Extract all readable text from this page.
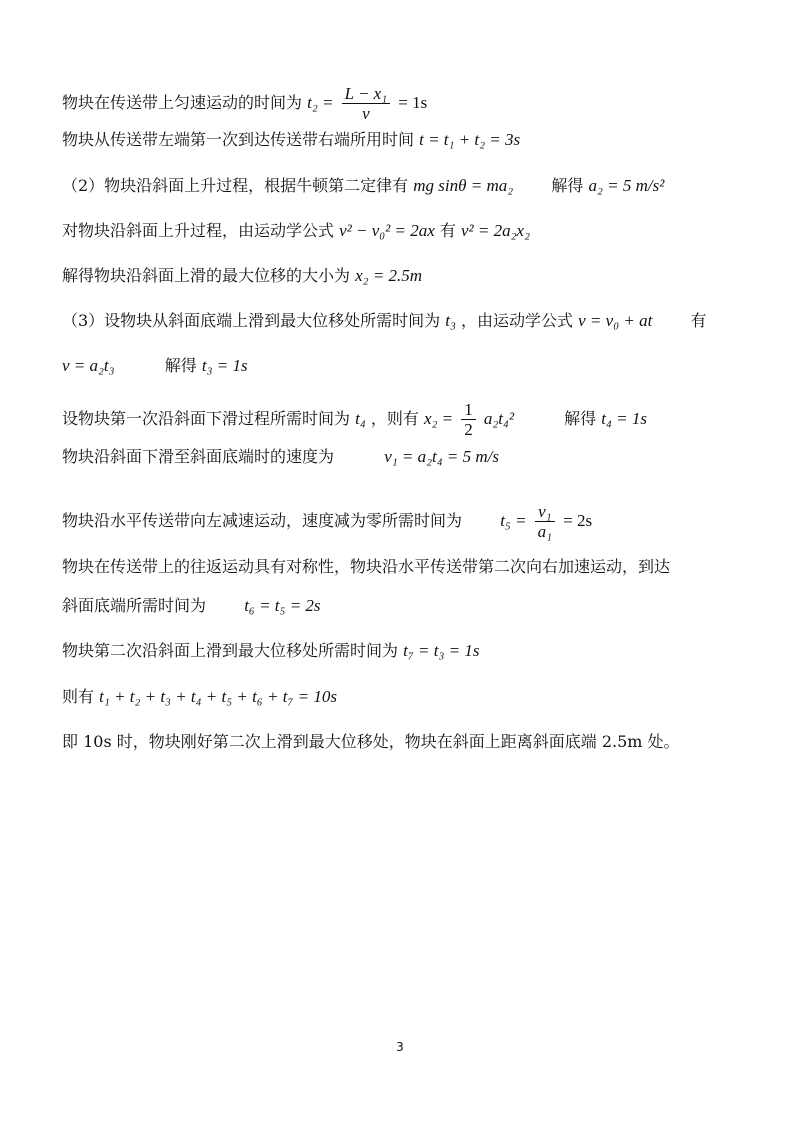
物块在传送带上匀速运动的时间为 $t_2 = \frac{\text{L − x₁}}{v} = 1s$
物块从传送带左端第一次到达传送带右端所用时间 t = t₁ + t₂ = 3s
（2）物块沿斜面上升过程，根据牛顿第二定律有 mg sinθ = ma₂ 解得 a₂ = 5 m/s²
对物块沿斜面上升过程，由运动学公式 v² − v₀² = 2ax 有 v² = 2a₂x₂
解得物块沿斜面上滑的最大位移的大小为 x₂ = 2.5m
（3）设物块从斜面底端上滑到最大位移处所需时间为 t₃ ，由运动学公式 v = v₀ + at 有
v = a₂t₃	解得 t₃ = 1s
设物块第一次沿斜面下滑过程所需时间为 t₄ ，则有 $x_2 = \frac{1}{2} a_2t_4^2$	解得 t₄ = 1s
物块沿斜面下滑至斜面底端时的速度为	v₁ = a₂t₄ = 5 m/s
物块沿水平传送带向左减速运动，速度减为零所需时间为 $t_5 = \frac{\text{v₁}}{\text{a₁}} = 2s$
物块在传送带上的往返运动具有对称性，物块沿水平传送带第二次向右加速运动，到达
斜面底端所需时间为 t₆ = t₅ = 2s
物块第二次沿斜面上滑到最大位移处所需时间为 t₇ = t₃ = 1s
则有 t₁ + t₂ + t₃ + t₄ + t₅ + t₆ + t₇ = 10s
即 10s 时，物块刚好第二次上滑到最大位移处，物块在斜面上距离斜面底端 2.5m 处。
3
